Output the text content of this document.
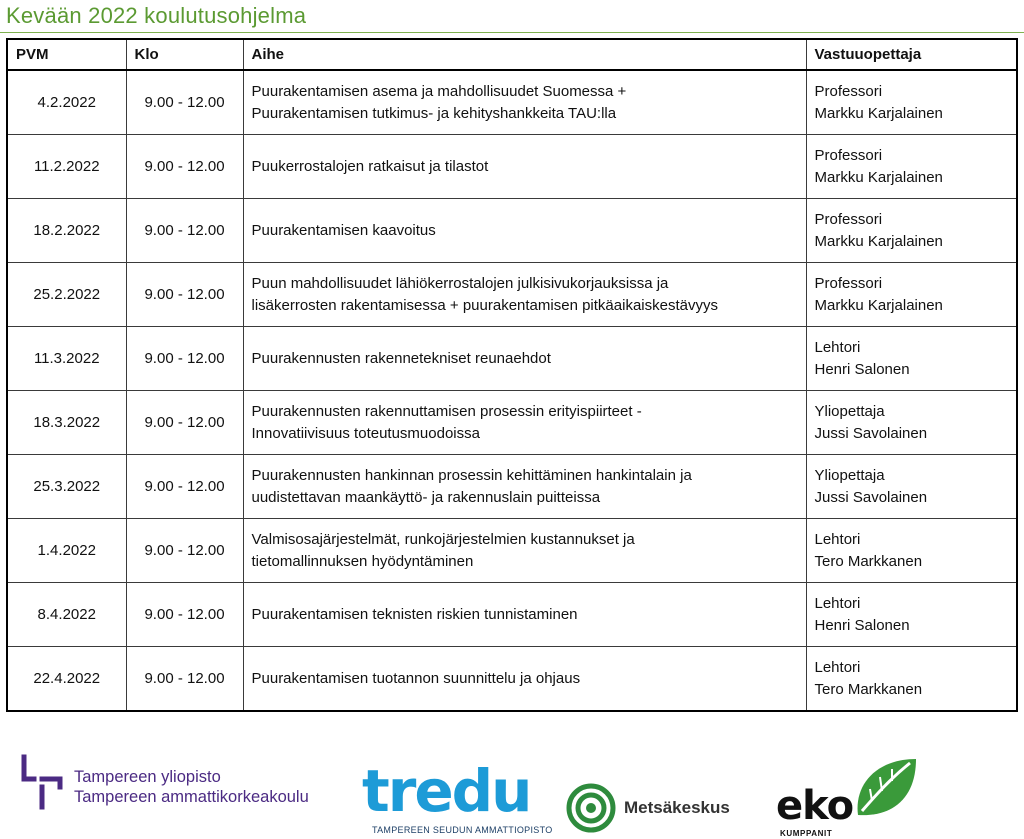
Kevään 2022 koulutusohjelma
PVM	Klo	Aihe	Vastuuopettaja
4.2.2022	9.00 - 12.00	Puurakentamisen asema ja mahdollisuudet Suomessa +
Puurakentamisen tutkimus- ja kehityshankkeita TAU:lla	Professori
Markku Karjalainen

11.2.2022	9.00 - 12.00	Puukerrostalojen ratkaisut ja tilastot	Professori
Markku Karjalainen

18.2.2022	9.00 - 12.00	Puurakentamisen kaavoitus	Professori
Markku Karjalainen

25.2.2022	9.00 - 12.00	Puun mahdollisuudet lähiökerrostalojen julkisivukorjauksissa ja
lisäkerrosten rakentamisessa + puurakentamisen pitkäaikaiskestävyys	Professori
Markku Karjalainen

11.3.2022	9.00 - 12.00	Puurakennusten rakennetekniset reunaehdot	Lehtori
Henri Salonen

18.3.2022	9.00 - 12.00	Puurakennusten rakennuttamisen prosessin erityispiirteet -
Innovatiivisuus toteutusmuodoissa	Yliopettaja
Jussi Savolainen

25.3.2022	9.00 - 12.00	Puurakennusten hankinnan prosessin kehittäminen hankintalain ja
uudistettavan maankäyttö- ja rakennuslain puitteissa	Yliopettaja
Jussi Savolainen

1.4.2022	9.00 - 12.00	Valmisosajärjestelmät, runkojärjestelmien kustannukset ja
tietomallinnuksen hyödyntäminen	Lehtori
Tero Markkanen

8.4.2022	9.00 - 12.00	Puurakentamisen teknisten riskien tunnistaminen	Lehtori
Henri Salonen

22.4.2022	9.00 - 12.00	Puurakentamisen tuotannon suunnittelu ja ohjaus	Lehtori
Tero Markkanen
Tampereen yliopisto
Tampereen ammattikorkeakoulu tredu
TAMPEREEN SEUDUN AMMATTIOPISTO
Metsäkeskus eko
KUMPPANIT
